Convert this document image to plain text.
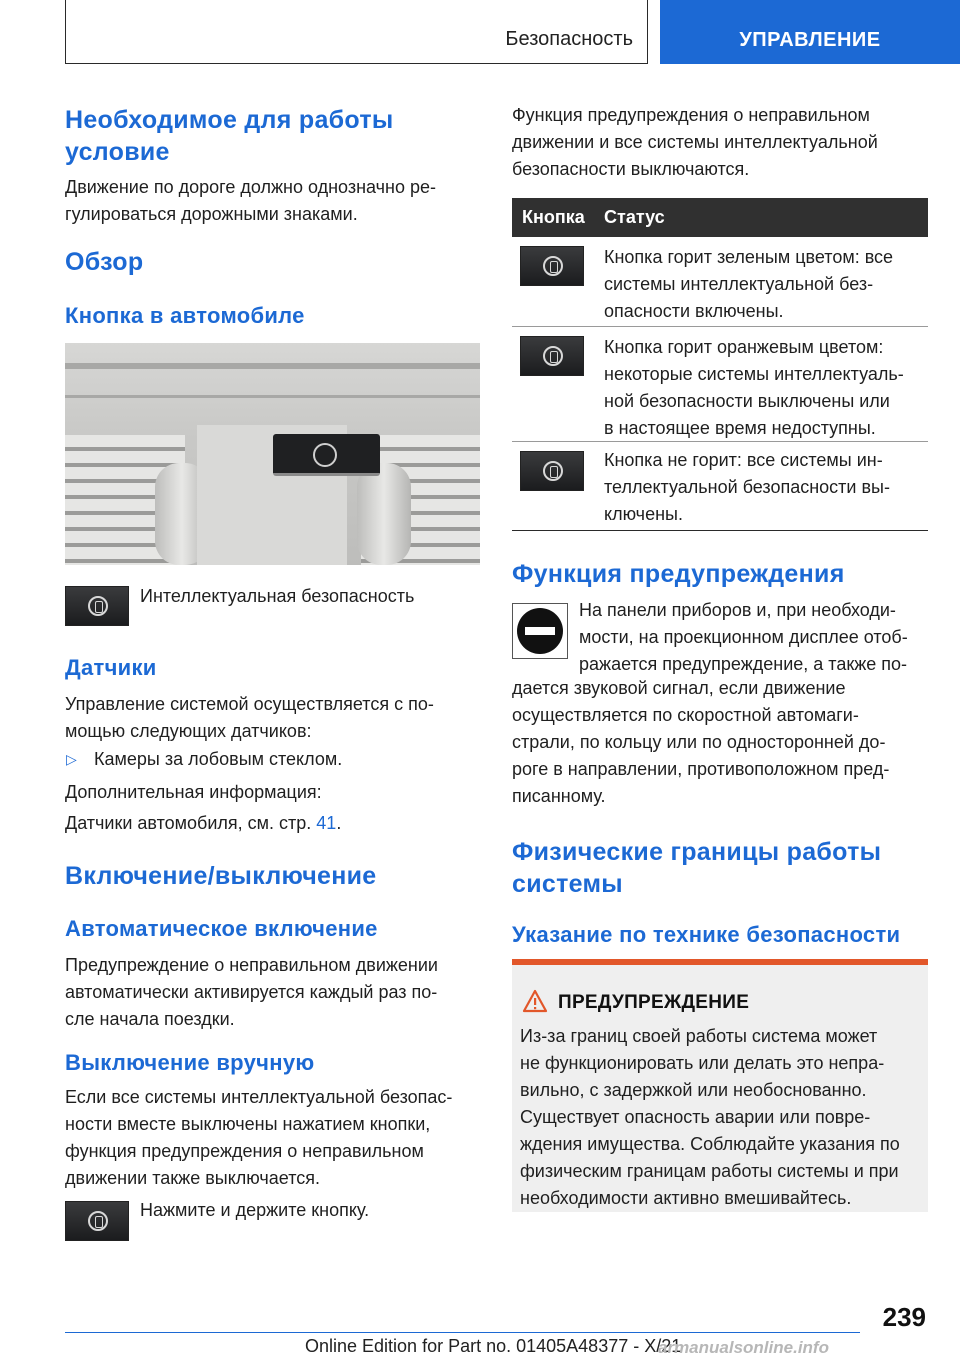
Безопасность	УПРАВЛЕНИЕ
Необходимое для работы
условие
Движение по дороге должно однозначно ре-
гулироваться дорожными знаками.
Обзор
Кнопка в автомобиле
Интеллектуальная безопасность
Датчики
Управление системой осуществляется с по-
мощью следующих датчиков:
▷ Камеры за лобовым стеклом.
Дополнительная информация:
Датчики автомобиля, см. стр. 41.
Включение/выключение
Автоматическое включение
Предупреждение о неправильном движении
автоматически активируется каждый раз по-
сле начала поездки.
Выключение вручную
Если все системы интеллектуальной безопас-
ности вместе выключены нажатием кнопки,
функция предупреждения о неправильном
движении также выключается.
Нажмите и держите кнопку.
Функция предупреждения о неправильном
движении и все системы интеллектуальной
безопасности выключаются.
Кнопка Статус
Кнопка горит зеленым цветом: все
системы интеллектуальной без-
опасности включены.
Кнопка горит оранжевым цветом:
некоторые системы интеллектуаль-
ной безопасности выключены или
в настоящее время недоступны.
Кнопка не горит: все системы ин-
теллектуальной безопасности вы-
ключены.
Функция предупреждения
На панели приборов и, при необходи-
мости, на проекционном дисплее отоб-
ражается предупреждение, а также по-
дается звуковой сигнал, если движение
осуществляется по скоростной автомаги-
страли, по кольцу или по односторонней до-
роге в направлении, противоположном пред-
писанному.
Физические границы работы
системы
Указание по технике безопасности
ПРЕДУПРЕЖДЕНИЕ
Из-за границ своей работы система может
не функционировать или делать это непра-
вильно, с задержкой или необоснованно.
Существует опасность аварии или повре-
ждения имущества. Соблюдайте указания по
физическим границам работы системы и при
необходимости активно вмешивайтесь.
239
Online Edition for Part no. 01405A48377 - X/21
armanualsonline.info
